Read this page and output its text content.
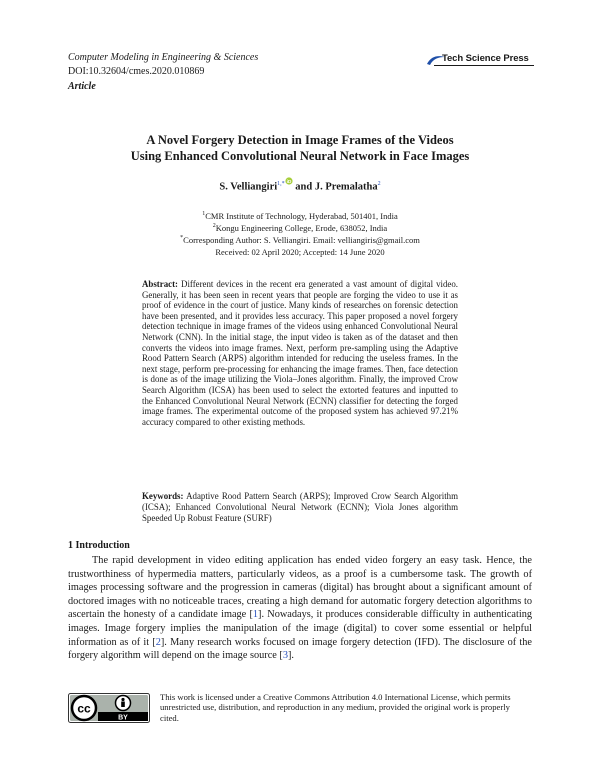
Computer Modeling in Engineering & Sciences
DOI:10.32604/cmes.2020.010869
Article
Tech Science Press
A Novel Forgery Detection in Image Frames of the Videos
Using Enhanced Convolutional Neural Network in Face Images
S. Velliangiri$^{1,*}$ iD and J. Premalatha$^2$
$^1$CMR Institute of Technology, Hyderabad, 501401, India
$^2$Kongu Engineering College, Erode, 638052, India
*Corresponding Author: S. Velliangiri. Email: velliangiris@gmail.com
Received: 02 April 2020; Accepted: 14 June 2020
Abstract: Different devices in the recent era generated a vast amount of digital video. Generally, it has been seen in recent years that people are forging the video to use it as proof of evidence in the court of justice. Many kinds of researches on forensic detection have been presented, and it provides less accuracy. This paper proposed a novel forgery detection technique in image frames of the videos using enhanced Convolutional Neural Network (CNN). In the initial stage, the input video is taken as of the dataset and then converts the videos into image frames. Next, perform pre-sampling using the Adaptive Rood Pattern Search (ARPS) algorithm intended for reducing the useless frames. In the next stage, perform pre-processing for enhancing the image frames. Then, face detection is done as of the image utilizing the Viola–Jones algorithm. Finally, the improved Crow Search Algorithm (ICSA) has been used to select the extorted features and inputted to the Enhanced Convolutional Neural Network (ECNN) classifier for detecting the forged image frames. The experimental outcome of the proposed system has achieved 97.21% accuracy compared to other existing methods.
Keywords: Adaptive Rood Pattern Search (ARPS); Improved Crow Search Algorithm (ICSA); Enhanced Convolutional Neural Network (ECNN); Viola Jones algorithm Speeded Up Robust Feature (SURF)
1 Introduction
The rapid development in video editing application has ended video forgery an easy task. Hence, the trustworthiness of hypermedia matters, particularly videos, as a proof is a cumbersome task. The growth of images processing software and the progression in cameras (digital) has brought about a significant amount of doctored images with no noticeable traces, creating a high demand for automatic forgery detection algorithms to ascertain the honesty of a candidate image [1]. Nowadays, it produces considerable difficulty in authenticating images. Image forgery implies the manipulation of the image (digital) to cover some essential or helpful information as of it [2]. Many research works focused on image forgery detection (IFD). The disclosure of the forgery algorithm will depend on the image source [3].
cc
BY
This work is licensed under a Creative Commons Attribution 4.0 International License, which permits unrestricted use, distribution, and reproduction in any medium, provided the original work is properly cited.
